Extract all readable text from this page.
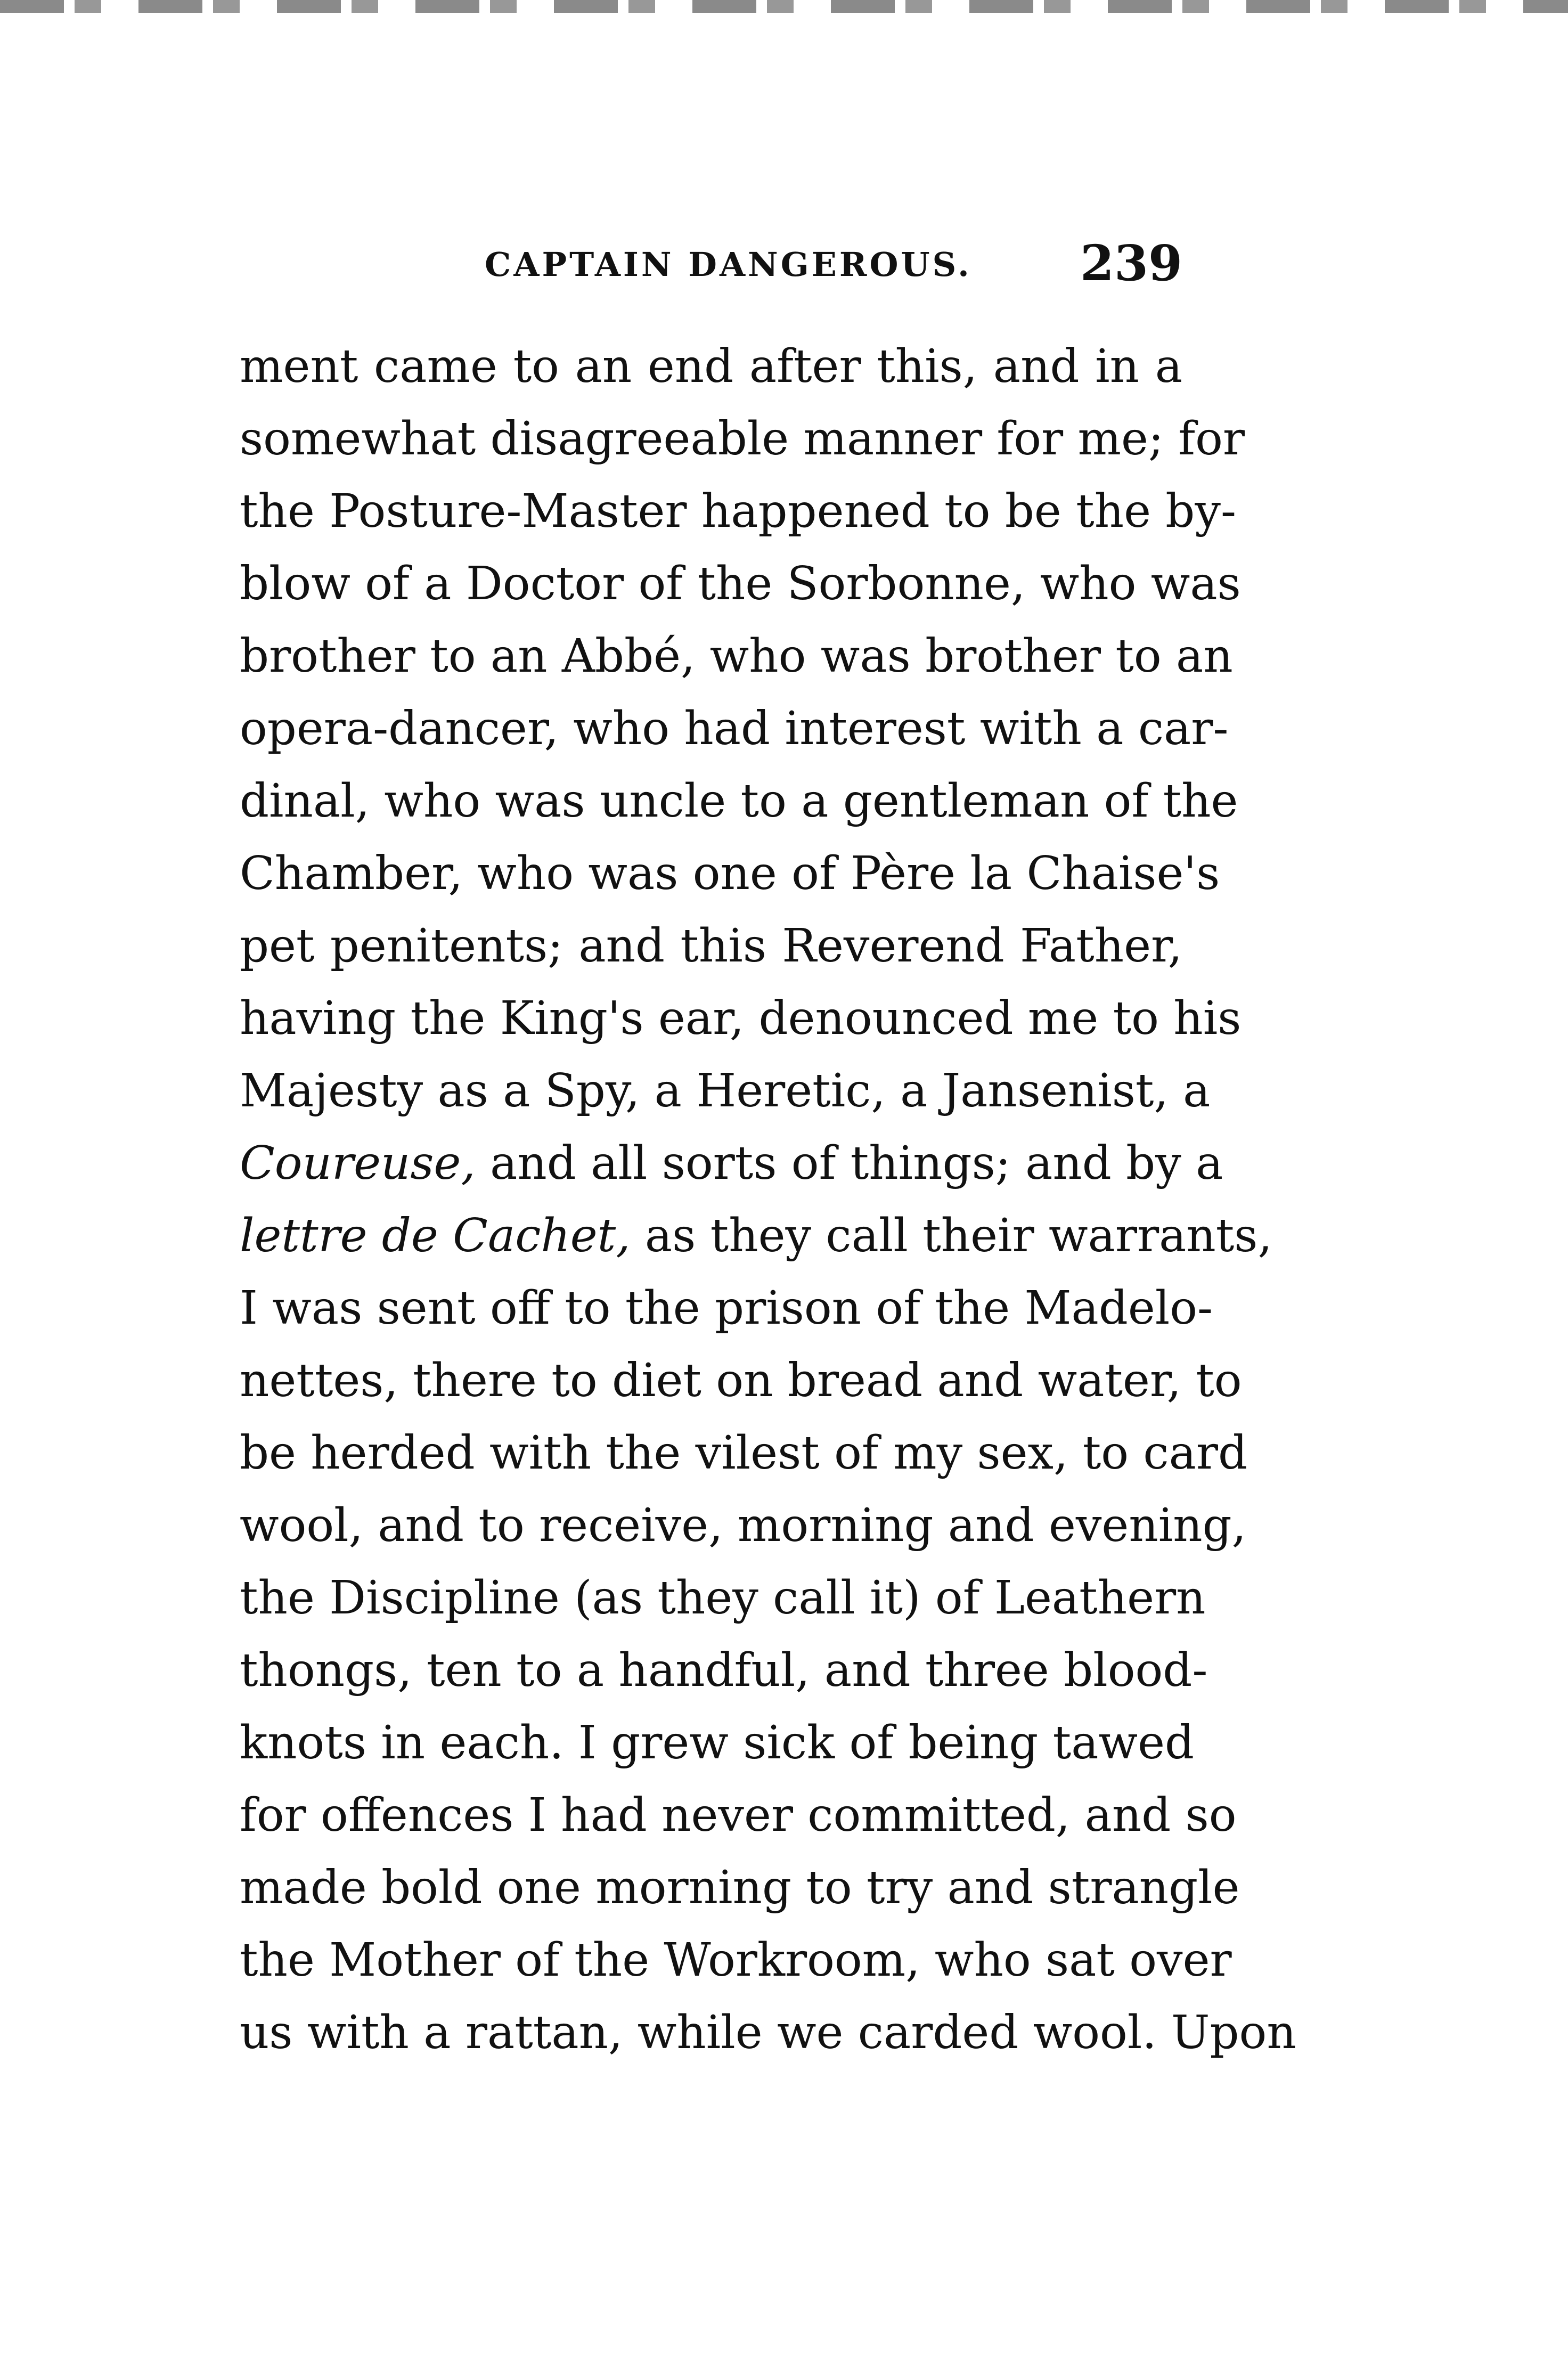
CAPTAIN DANGEROUS. 239
ment came to an end after this, and in a
somewhat disagreeable manner for me; for
the Posture-Master happened to be the by-
blow of a Doctor of the Sorbonne, who was
brother to an Abbé, who was brother to an
opera-dancer, who had interest with a car-
dinal, who was uncle to a gentleman of the
Chamber, who was one of Père la Chaise's
pet penitents; and this Reverend Father,
having the King's ear, denounced me to his
Majesty as a Spy, a Heretic, a Jansenist, a
Coureuse, and all sorts of things; and by a
lettre de Cachet, as they call their warrants,
I was sent off to the prison of the Madelo-
nettes, there to diet on bread and water, to
be herded with the vilest of my sex, to card
wool, and to receive, morning and evening,
the Discipline (as they call it) of Leathern
thongs, ten to a handful, and three blood-
knots in each. I grew sick of being tawed
for offences I had never committed, and so
made bold one morning to try and strangle
the Mother of the Workroom, who sat over
us with a rattan, while we carded wool. Upon
